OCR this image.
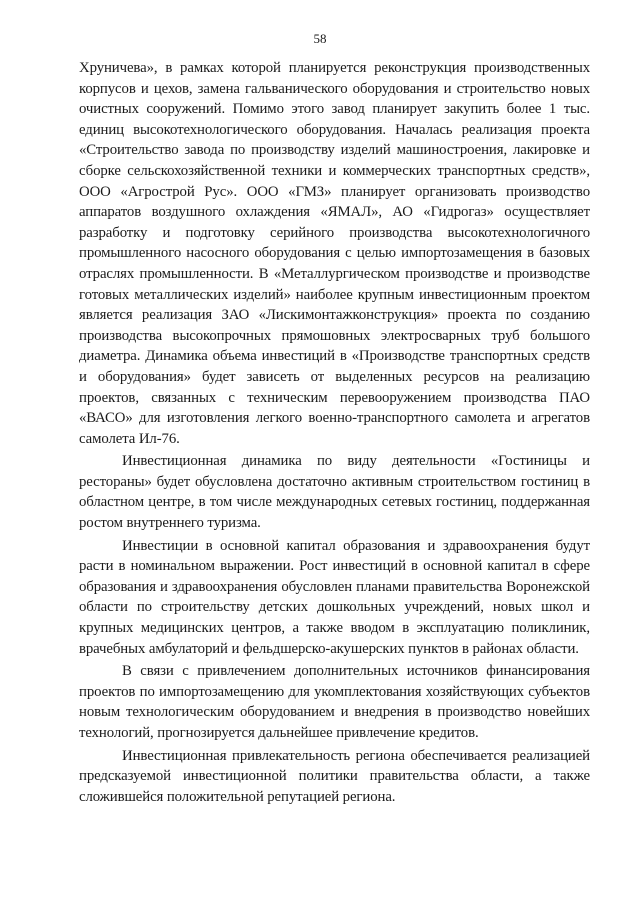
58

Хруничева», в рамках которой планируется реконструкция производственных корпусов и цехов, замена гальванического оборудования и строительство новых очистных сооружений. Помимо этого завод планирует закупить более 1 тыс. единиц высокотехнологического оборудования. Началась реализация проекта «Строительство завода по производству изделий машиностроения, лакировке и сборке сельскохозяйственной техники и коммерческих транспортных средств», ООО «Агрострой Рус». ООО «ГМЗ» планирует организовать производство аппаратов воздушного охлаждения «ЯМАЛ», АО «Гидрогаз» осуществляет разработку и подготовку серийного производства высокотехнологичного промышленного насосного оборудования с целью импортозамещения в базовых отраслях промышленности. В «Металлургическом производстве и производстве готовых металлических изделий» наиболее крупным инвестиционным проектом является реализация ЗАО «Лискимонтажконструкция» проекта по созданию производства высокопрочных прямошовных электросварных труб большого диаметра. Динамика объема инвестиций в «Производстве транспортных средств и оборудования» будет зависеть от выделенных ресурсов на реализацию проектов, связанных с техническим перевооружением производства ПАО «ВАСО» для изготовления легкого военно-транспортного самолета и агрегатов самолета Ил-76.

Инвестиционная динамика по виду деятельности «Гостиницы и рестораны» будет обусловлена достаточно активным строительством гостиниц в областном центре, в том числе международных сетевых гостиниц, поддержанная ростом внутреннего туризма.

Инвестиции в основной капитал образования и здравоохранения будут расти в номинальном выражении. Рост инвестиций в основной капитал в сфере образования и здравоохранения обусловлен планами правительства Воронежской области по строительству детских дошкольных учреждений, новых школ и крупных медицинских центров, а также вводом в эксплуатацию поликлиник, врачебных амбулаторий и фельдшерско-акушерских пунктов в районах области.

В связи с привлечением дополнительных источников финансирования проектов по импортозамещению для укомплектования хозяйствующих субъектов новым технологическим оборудованием и внедрения в производство новейших технологий, прогнозируется дальнейшее привлечение кредитов.

Инвестиционная привлекательность региона обеспечивается реализацией предсказуемой инвестиционной политики правительства области, а также сложившейся положительной репутацией региона.
